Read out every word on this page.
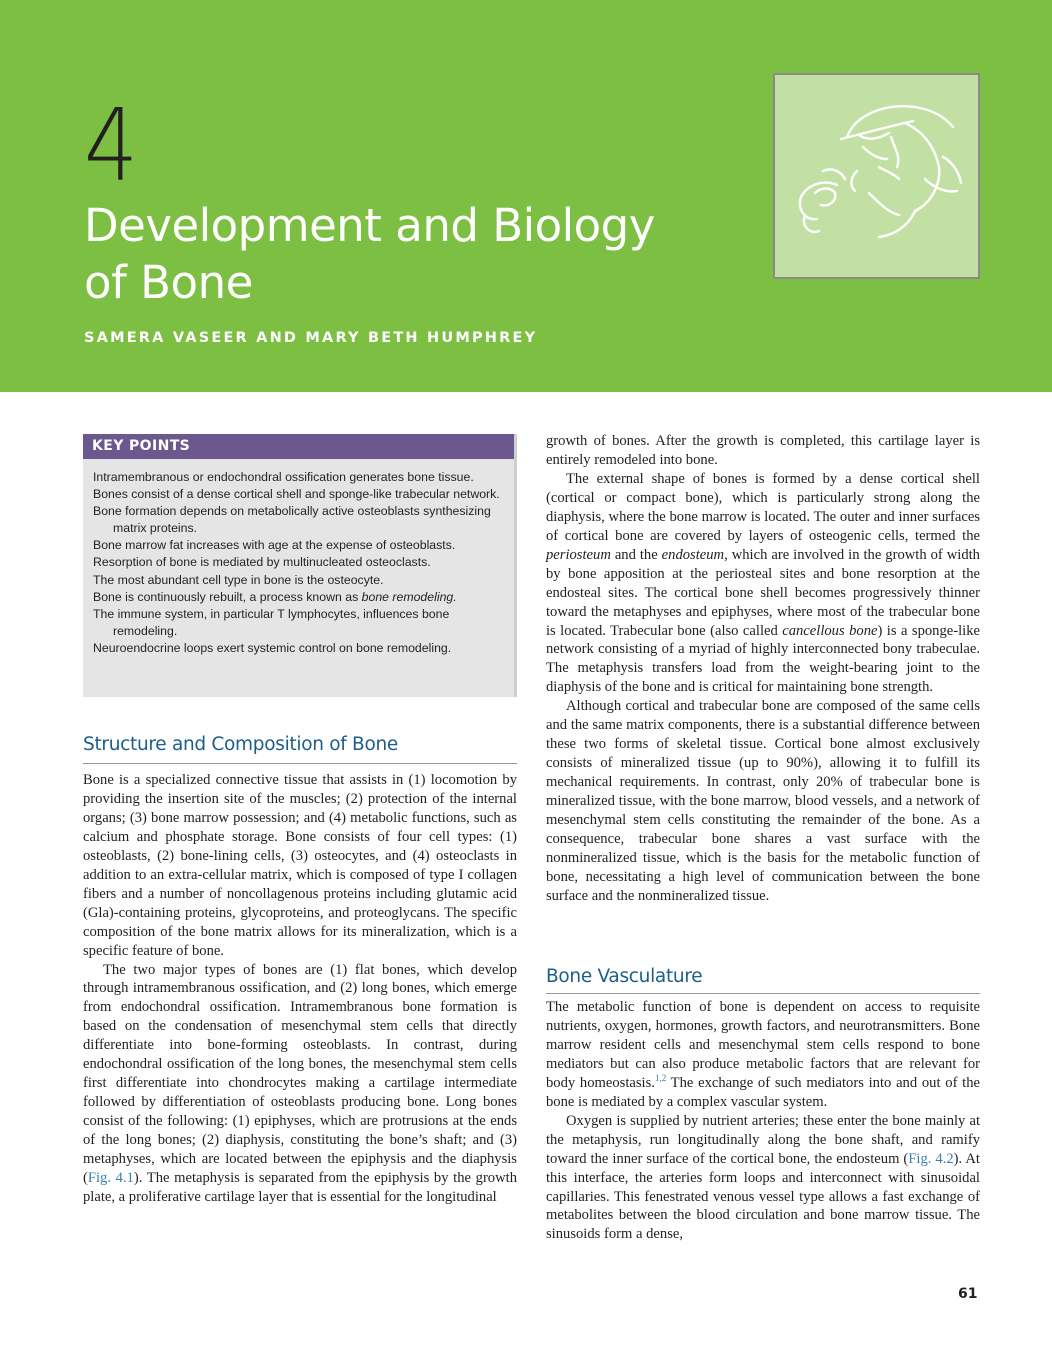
4
Development and Biology
of Bone
SAMERA VASEER AND MARY BETH HUMPHREY
KEY POINTS
Intramembranous or endochondral ossification generates bone tissue.
Bones consist of a dense cortical shell and sponge-like trabecular network.
Bone formation depends on metabolically active osteoblasts synthesizing matrix proteins.
Bone marrow fat increases with age at the expense of osteoblasts.
Resorption of bone is mediated by multinucleated osteoclasts.
The most abundant cell type in bone is the osteocyte.
Bone is continuously rebuilt, a process known as bone remodeling.
The immune system, in particular T lymphocytes, influences bone remodeling.
Neuroendocrine loops exert systemic control on bone remodeling.
Structure and Composition of Bone

Bone is a specialized connective tissue that assists in (1) locomotion by providing the insertion site of the muscles; (2) protection of the internal organs; (3) bone marrow possession; and (4) metabolic functions, such as calcium and phosphate storage. Bone consists of four cell types: (1) osteoblasts, (2) bone-lining cells, (3) osteocytes, and (4) osteoclasts in addition to an extra-cellular matrix, which is composed of type I collagen fibers and a number of noncollagenous proteins including glutamic acid (Gla)-containing proteins, glycoproteins, and proteoglycans. The specific composition of the bone matrix allows for its mineralization, which is a specific feature of bone.

The two major types of bones are (1) flat bones, which develop through intramembranous ossification, and (2) long bones, which emerge from endochondral ossification. Intramembranous bone formation is based on the condensation of mesenchymal stem cells that directly differentiate into bone-forming osteoblasts. In contrast, during endochondral ossification of the long bones, the mesenchymal stem cells first differentiate into chondrocytes making a cartilage intermediate followed by differentiation of osteoblasts producing bone. Long bones consist of the following: (1) epiphyses, which are protrusions at the ends of the long bones; (2) diaphysis, constituting the bone’s shaft; and (3) metaphyses, which are located between the epiphysis and the diaphysis (Fig. 4.1). The metaphysis is separated from the epiphysis by the growth plate, a proliferative cartilage layer that is essential for the longitudinal

growth of bones. After the growth is completed, this cartilage layer is entirely remodeled into bone.

The external shape of bones is formed by a dense cortical shell (cortical or compact bone), which is particularly strong along the diaphysis, where the bone marrow is located. The outer and inner surfaces of cortical bone are covered by layers of osteogenic cells, termed the periosteum and the endosteum, which are involved in the growth of width by bone apposition at the periosteal sites and bone resorption at the endosteal sites. The cortical bone shell becomes progressively thinner toward the metaphyses and epiphyses, where most of the trabecular bone is located. Trabecular bone (also called cancellous bone) is a sponge-like network consisting of a myriad of highly interconnected bony trabeculae. The metaphysis transfers load from the weight-bearing joint to the diaphysis of the bone and is critical for maintaining bone strength.

Although cortical and trabecular bone are composed of the same cells and the same matrix components, there is a substantial difference between these two forms of skeletal tissue. Cortical bone almost exclusively consists of mineralized tissue (up to 90%), allowing it to fulfill its mechanical requirements. In contrast, only 20% of trabecular bone is mineralized tissue, with the bone marrow, blood vessels, and a network of mesenchymal stem cells constituting the remainder of the bone. As a consequence, trabecular bone shares a vast surface with the nonmineralized tissue, which is the basis for the metabolic function of bone, necessitating a high level of communication between the bone surface and the nonmineralized tissue.

Bone Vasculature

The metabolic function of bone is dependent on access to requisite nutrients, oxygen, hormones, growth factors, and neurotransmitters. Bone marrow resident cells and mesenchymal stem cells respond to bone mediators but can also produce metabolic factors that are relevant for body homeostasis.$^{1,2}$ The exchange of such mediators into and out of the bone is mediated by a complex vascular system.

Oxygen is supplied by nutrient arteries; these enter the bone mainly at the metaphysis, run longitudinally along the bone shaft, and ramify toward the inner surface of the cortical bone, the endosteum (Fig. 4.2). At this interface, the arteries form loops and interconnect with sinusoidal capillaries. This fenestrated venous vessel type allows a fast exchange of metabolites between the blood circulation and bone marrow tissue. The sinusoids form a dense,

61
